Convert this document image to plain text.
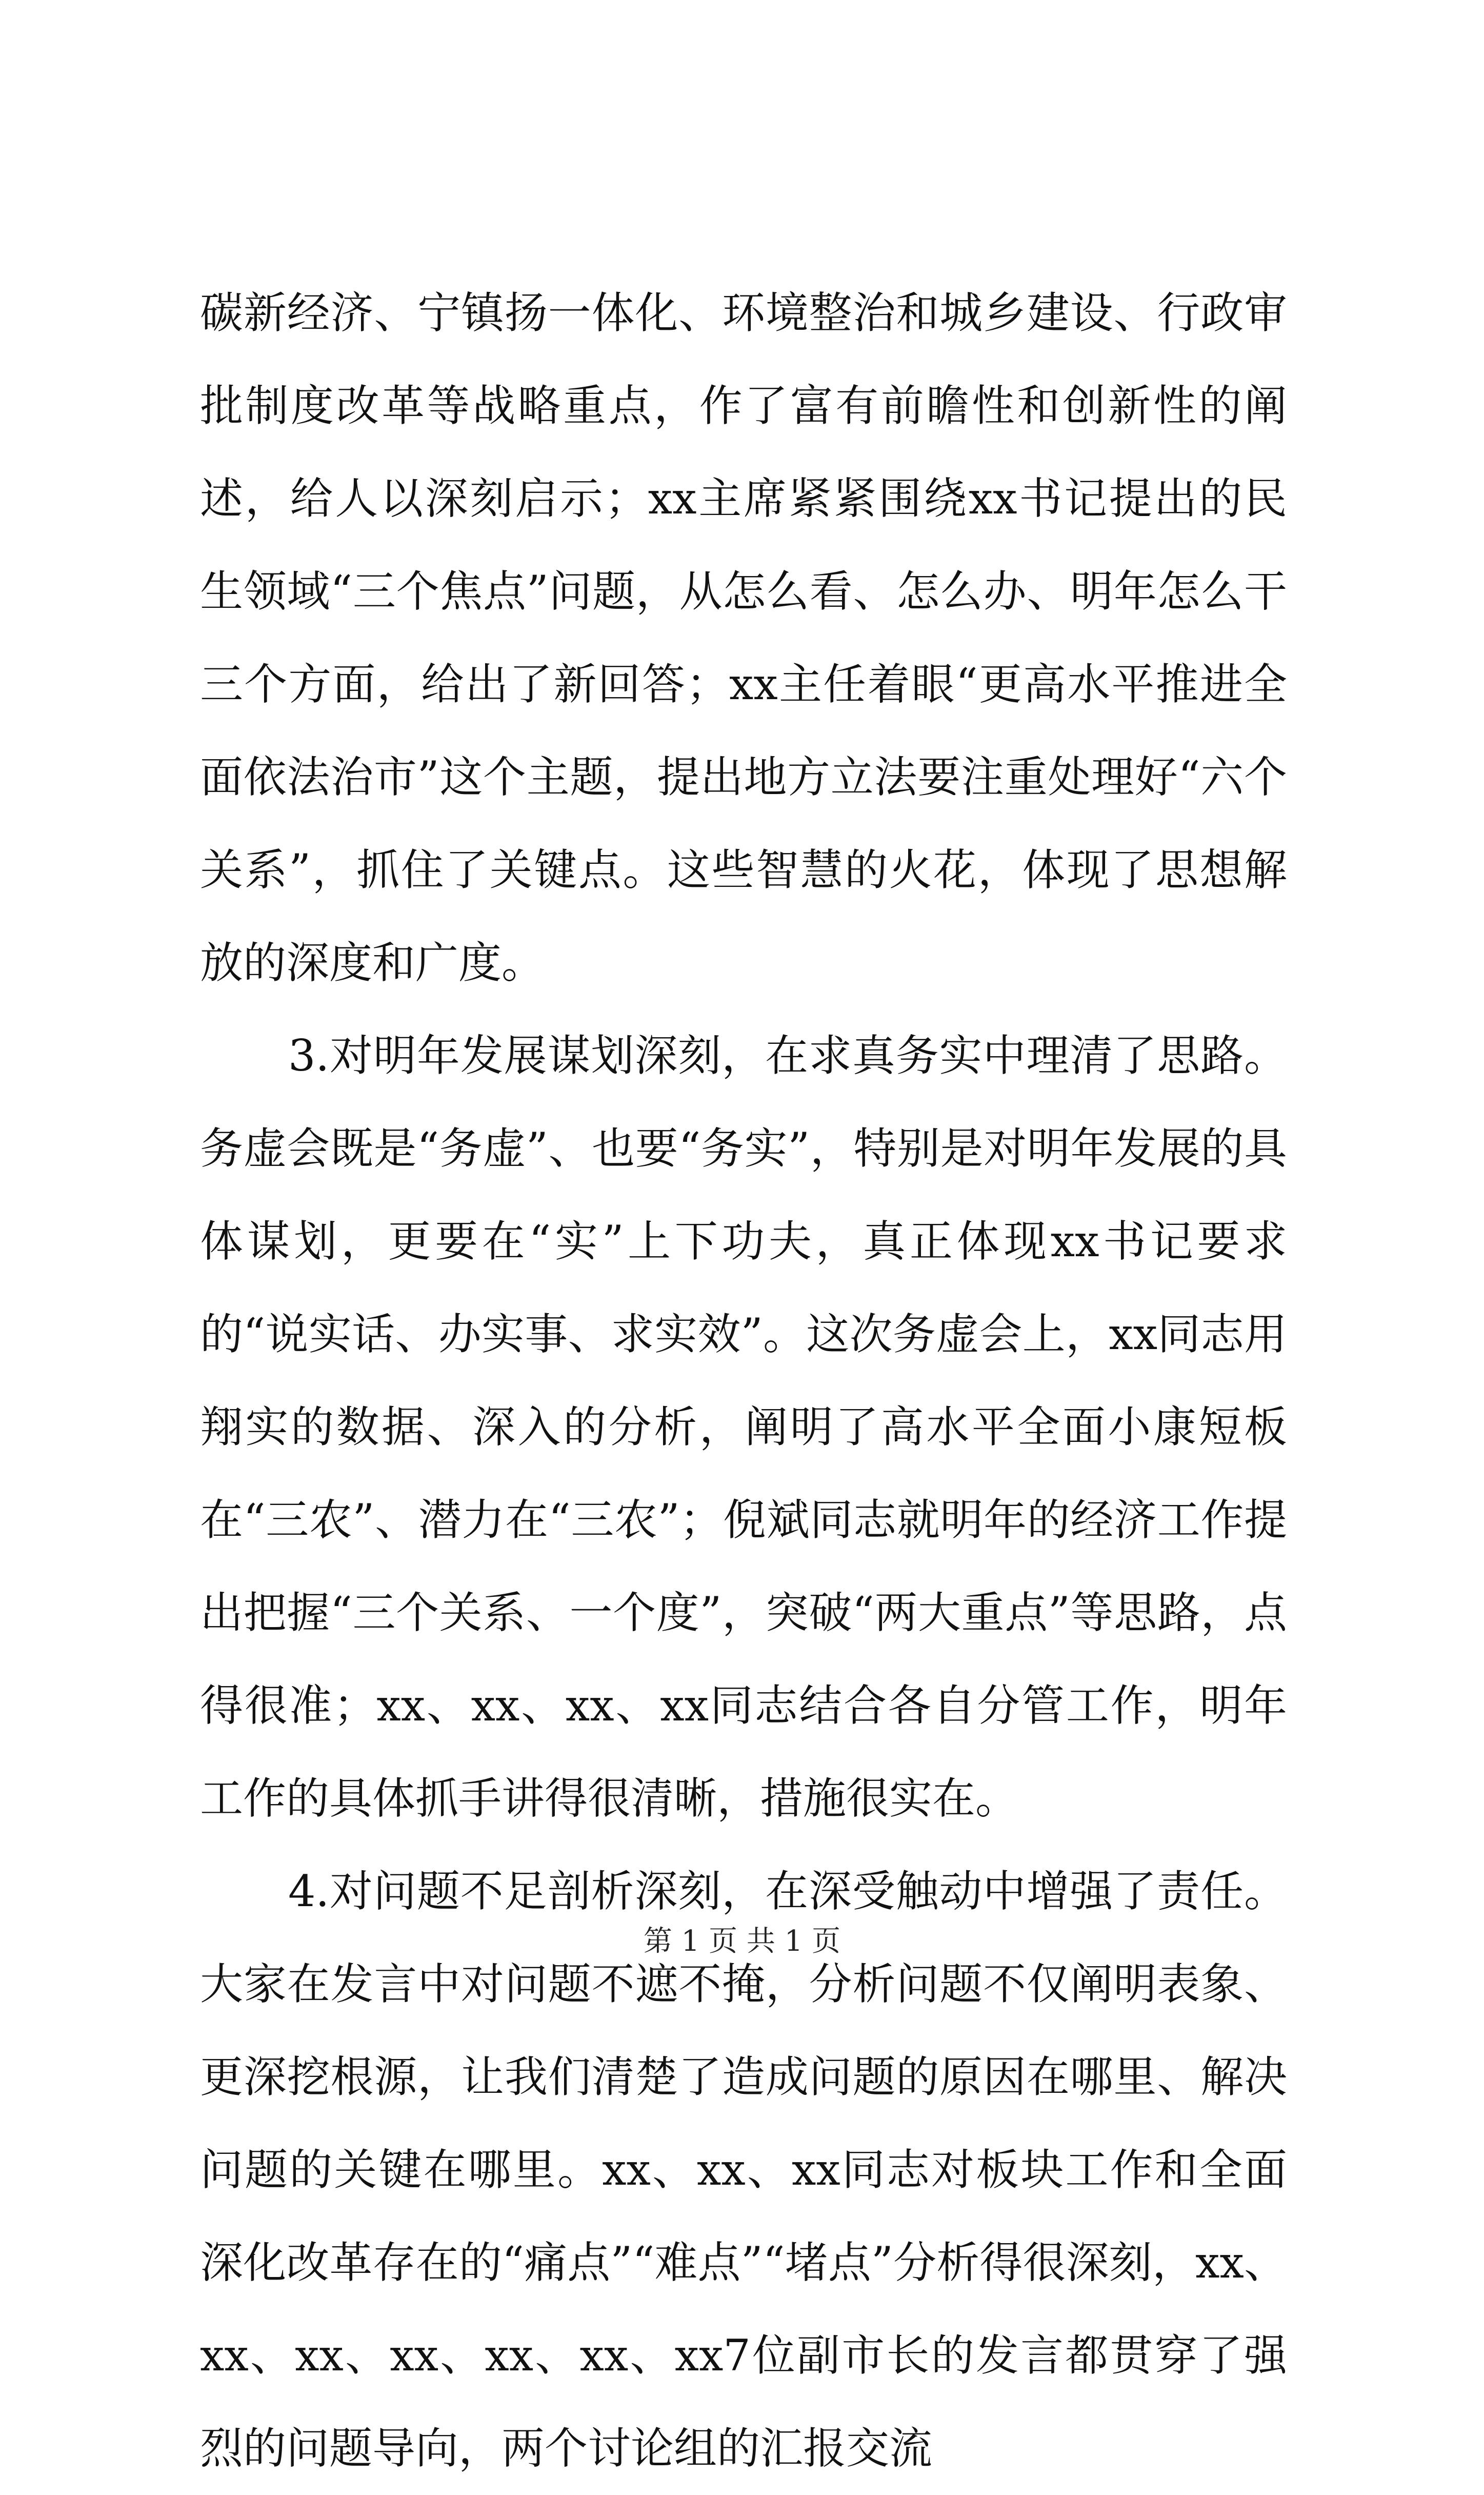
碳新经济、宁镇扬一体化、环境整治和城乡建设、行政审批制度改革等战略重点，作了富有前瞻性和创新性的阐述，给人以深刻启示；xx主席紧紧围绕xx书记提出的民生领域“三个焦点”问题，从怎么看、怎么办、明年怎么干三个方面，给出了新回答；xx主任着眼“更高水平推进全面依法治市”这个主题，提出地方立法要注重处理好“六个关系”，抓住了关键点。这些智慧的火花，体现了思想解放的深度和广度。

3.对明年发展谋划深刻，在求真务实中理清了思路。务虚会既是“务虚”、也要“务实”，特别是对明年发展的具体谋划，更要在“实”上下功夫，真正体现xx书记要求的“说实话、办实事、求实效”。这次务虚会上，xx同志用翔实的数据、深入的分析，阐明了高水平全面小康短板在“三农”、潜力在“三农”；倪斌同志就明年的经济工作提出把握“三个关系、一个度”，突破“两大重点”等思路，点得很准；xx、xx、xx、xx同志结合各自分管工作，明年工作的具体抓手讲得很清晰，措施很实在。

4.对问题不足剖析深刻，在深受触动中增强了责任。大家在发言中对问题不遮不掩，分析问题不仅阐明表象、更深挖根源，让我们清楚了造成问题的原因在哪里、解决问题的关键在哪里。xx、xx、xx同志对板块工作和全面深化改革存在的“痛点”“难点”“堵点”分析得很深刻，xx、xx、xx、xx、xx、xx、xx7位副市长的发言都贯穿了强烈的问题导向，两个讨论组的汇报交流

第 1 页 共 1 页
